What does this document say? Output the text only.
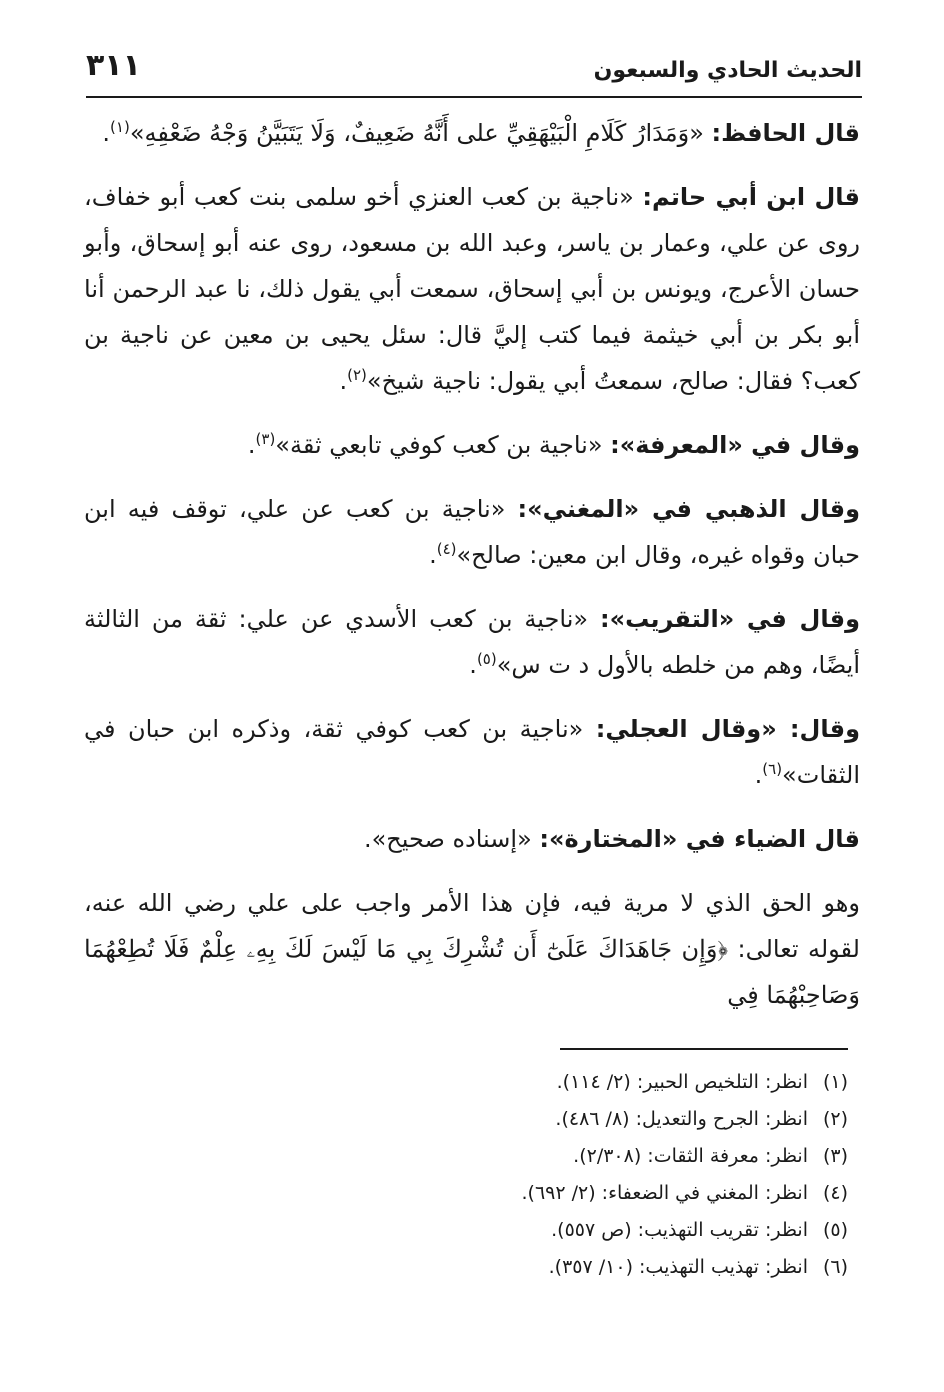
الحديث الحادي والسبعون
٣١١

قال الحافظ: «وَمَدَارُ كَلَامِ الْبَيْهَقِيِّ على أَنَّهُ ضَعِيفٌ، وَلَا يَتَبَيَّنُ وَجْهُ ضَعْفِهِ»$^{(١)}$.

قال ابن أبي حاتم: «ناجية بن كعب العنزي أخو سلمى بنت كعب أبو خفاف، روى عن علي، وعمار بن ياسر، وعبد الله بن مسعود، روى عنه أبو إسحاق، وأبو حسان الأعرج، ويونس بن أبي إسحاق، سمعت أبي يقول ذلك، نا عبد الرحمن أنا أبو بكر بن أبي خيثمة فيما كتب إليَّ قال: سئل يحيى بن معين عن ناجية بن كعب؟ فقال: صالح، سمعتُ أبي يقول: ناجية شيخ»$^{(٢)}$.

وقال في «المعرفة»: «ناجية بن كعب كوفي تابعي ثقة»$^{(٣)}$.

وقال الذهبي في «المغني»: «ناجية بن كعب عن علي، توقف فيه ابن حبان وقواه غيره، وقال ابن معين: صالح»$^{(٤)}$.

وقال في «التقريب»: «ناجية بن كعب الأسدي عن علي: ثقة من الثالثة أيضًا، وهم من خلطه بالأول د ت س»$^{(٥)}$.

وقال: «وقال العجلي: «ناجية بن كعب كوفي ثقة، وذكره ابن حبان في الثقات»$^{(٦)}$.

قال الضياء في «المختارة»: «إسناده صحيح».

وهو الحق الذي لا مرية فيه، فإن هذا الأمر واجب على علي رضي الله عنه، لقوله تعالى: ﴿وَإِن جَاهَدَاكَ عَلَىٰٓ أَن تُشْرِكَ بِي مَا لَيْسَ لَكَ بِهِۦ عِلْمٌ فَلَا تُطِعْهُمَا وَصَاحِبْهُمَا فِي

(١)انظر: التلخيص الحبير: (٢/ ١١٤).
(٢)انظر: الجرح والتعديل: (٨/ ٤٨٦).
(٣)انظر: معرفة الثقات: (٢/٣٠٨).
(٤)انظر: المغني في الضعفاء: (٢/ ٦٩٢).
(٥)انظر: تقريب التهذيب: (ص ٥٥٧).
(٦)انظر: تهذيب التهذيب: (١٠/ ٣٥٧).
